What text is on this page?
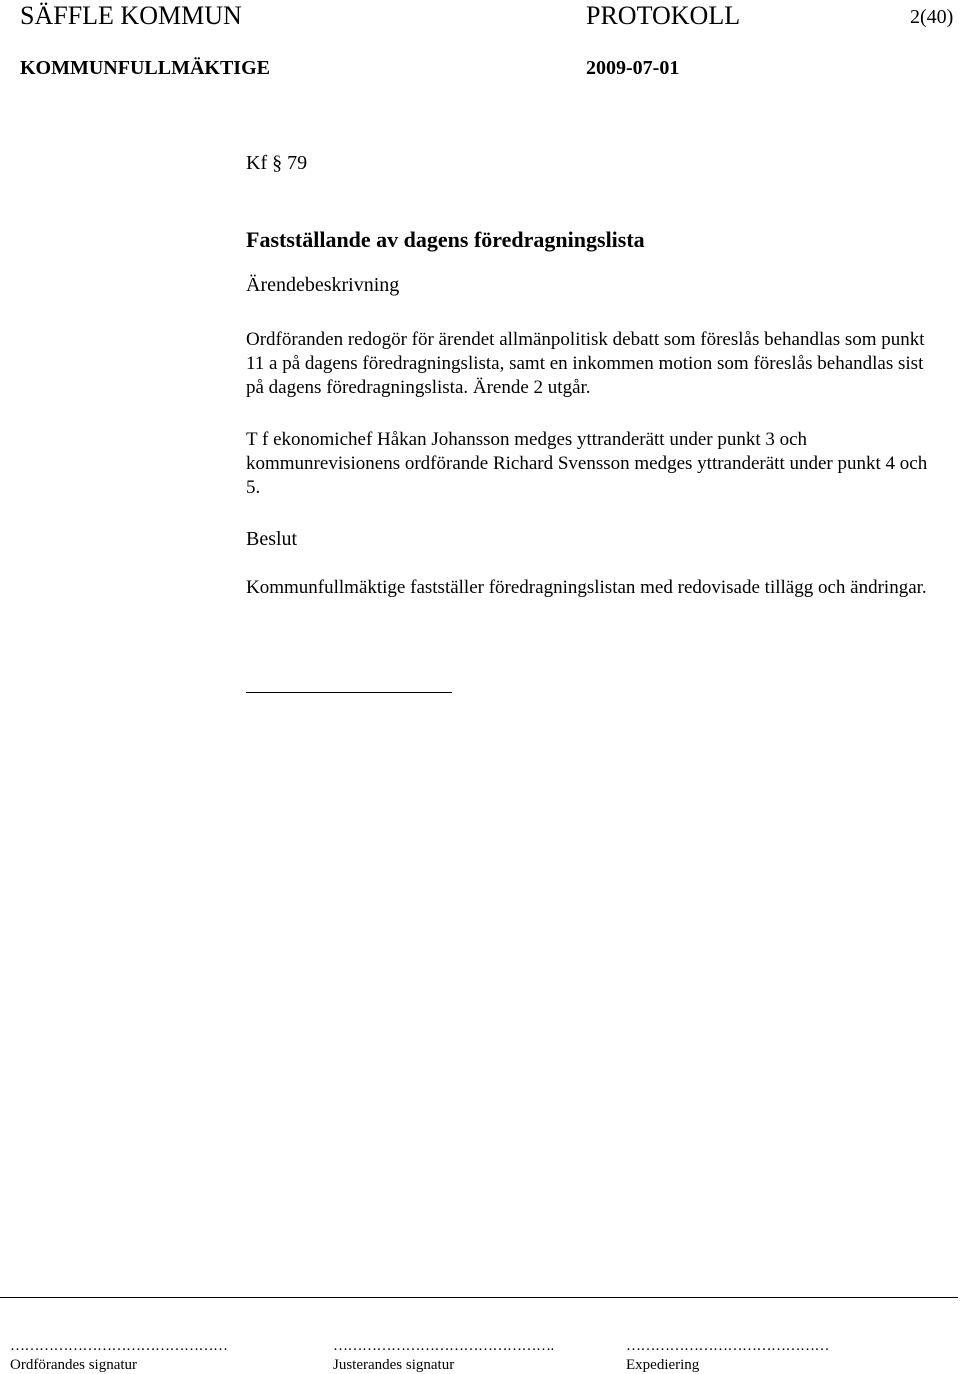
SÄFFLE KOMMUN	PROTOKOLL	2(40)
KOMMUNFULLMÄKTIGE	2009-07-01
Kf § 79
Fastställande av dagens föredragningslista
Ärendebeskrivning
Ordföranden redogör för ärendet allmänpolitisk debatt som föreslås behandlas som punkt 11 a på dagens föredragningslista, samt en inkommen motion som föreslås behandlas sist på dagens föredragningslista. Ärende 2 utgår.
T f ekonomichef Håkan Johansson medges yttranderätt under punkt 3 och kommunrevisionens ordförande Richard Svensson medges yttranderätt under punkt 4 och 5.
Beslut
Kommunfullmäktige fastställer föredragningslistan med redovisade tillägg och ändringar.
………………………………………	……………………………………….	……………………………………
Ordförandes signatur	Justerandes signatur	Expediering
